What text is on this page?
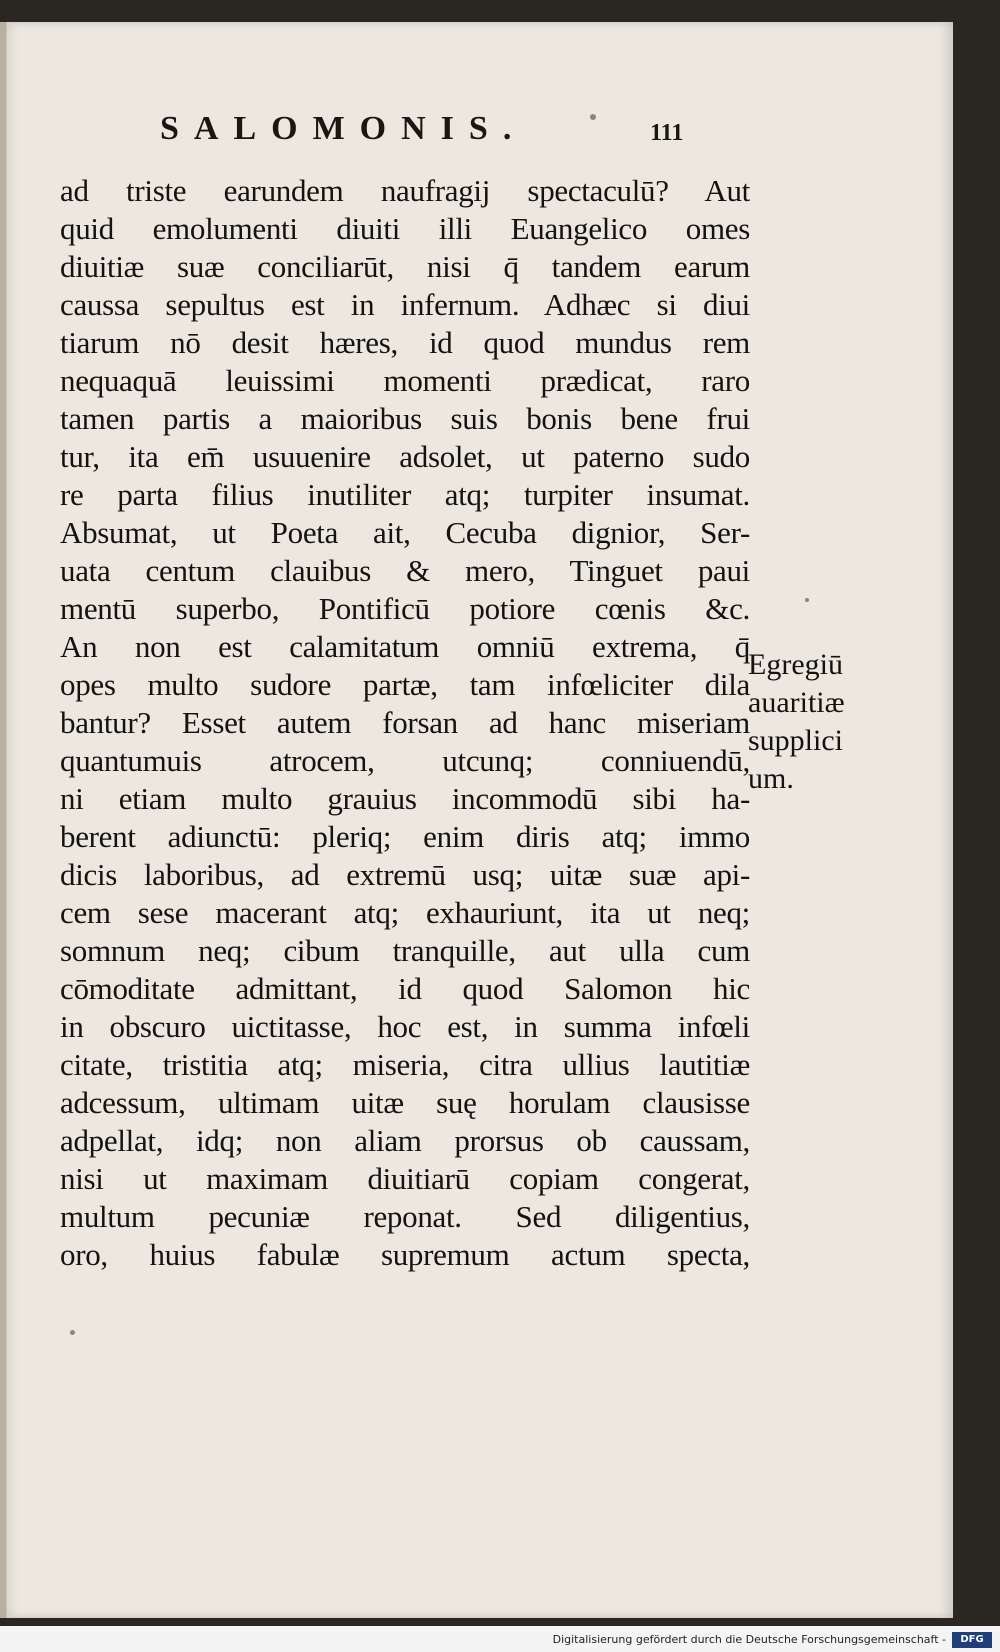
SALOMONIS.	111
ad triste earundem naufragij spectaculū? Aut
quid emolumenti diuiti illi Euangelico omes
diuitiæ suæ conciliarūt, nisi q̄ tandem earum
caussa sepultus est in infernum. Adhæc si diui
tiarum nō desit hæres, id quod mundus rem
nequaquā leuissimi momenti prædicat, raro
tamen partis a maioribus suis bonis bene frui
tur, ita em̄ usuuenire adsolet, ut paterno sudo
re parta filius inutiliter atq; turpiter insumat.
Absumat, ut Poeta ait, Cecuba dignior, Ser-
uata centum clauibus & mero, Tinguet paui
mentū superbo, Pontificū potiore cœnis &c.
An non est calamitatum omniū extrema, q̄
opes multo sudore partæ, tam infœliciter dila
bantur? Esset autem forsan ad hanc miseriam
quantumuis atrocem, utcunq; conniuendū,
ni etiam multo grauius incommodū sibi ha-
berent adiunctū: pleriq; enim diris atq; immo
dicis laboribus, ad extremū usq; uitæ suæ api-
cem sese macerant atq; exhauriunt, ita ut neq;
somnum neq; cibum tranquille, aut ulla cum
cōmoditate admittant, id quod Salomon hic
in obscuro uictitasse, hoc est, in summa infœli
citate, tristitia atq; miseria, citra ullius lautitiæ
adcessum, ultimam uitæ suę horulam clausisse
adpellat, idq; non aliam prorsus ob caussam,
nisi ut maximam diuitiarū copiam congerat,
multum pecuniæ reponat. Sed diligentius,
oro, huius fabulæ supremum actum specta,
Egregiū
auaritiæ
supplici
um.
Digitalisierung gefördert durch die Deutsche Forschungsgemeinschaft -	DFG
